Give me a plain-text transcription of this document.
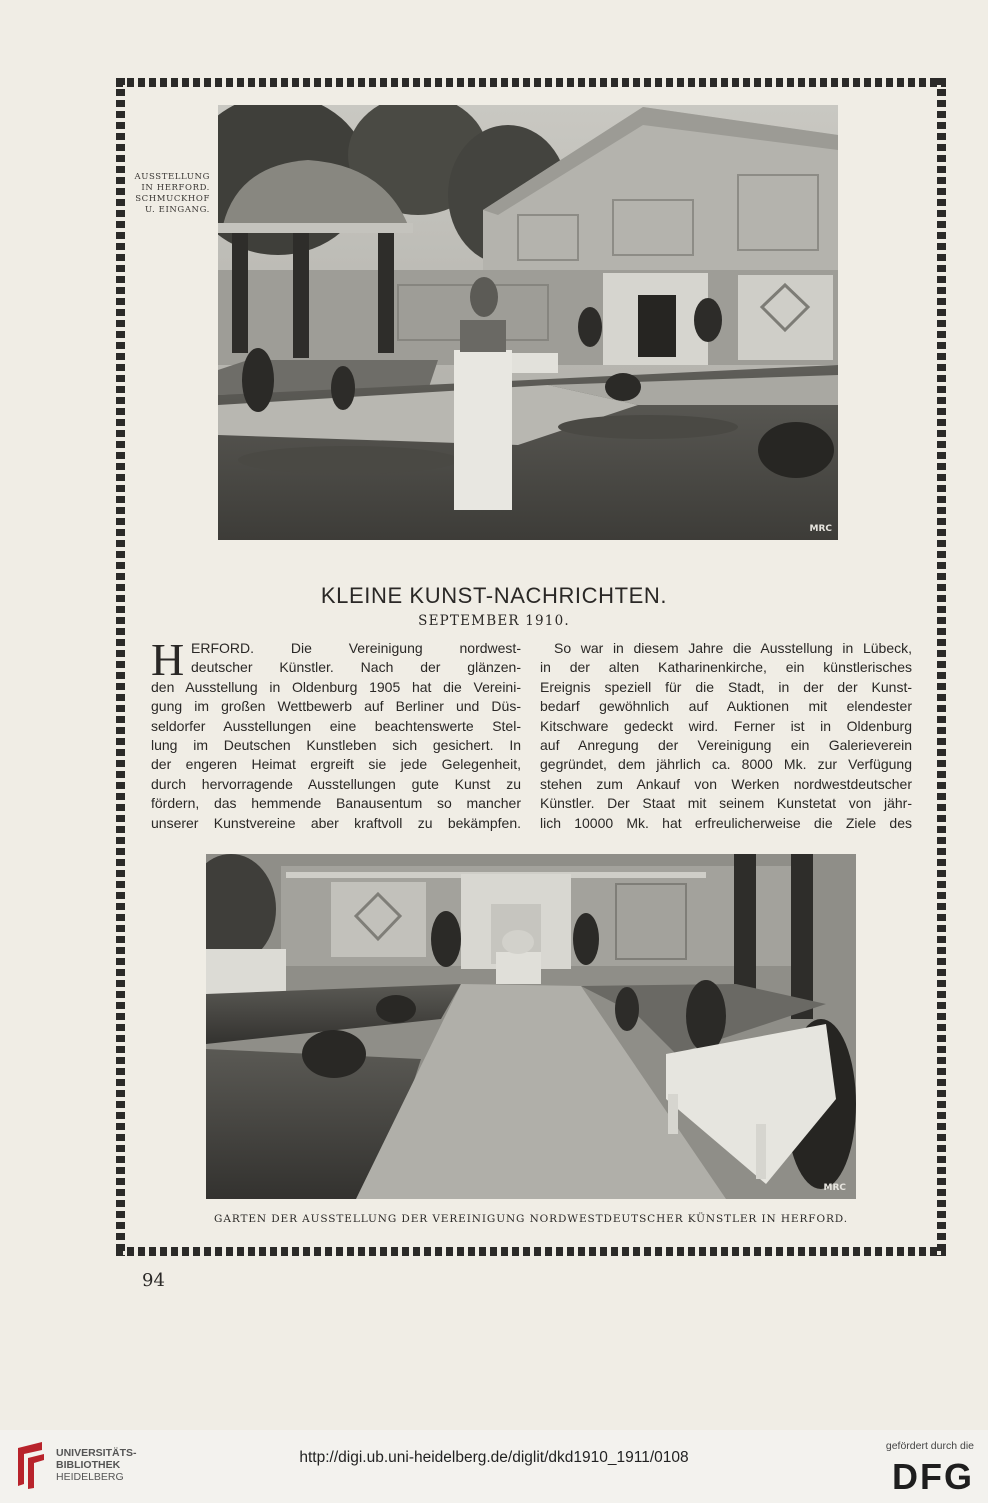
AUSSTELLUNG
IN HERFORD.
SCHMUCKHOF
U. EINGANG.
MRC
KLEINE KUNST-NACHRICHTEN.
SEPTEMBER 1910.
H ERFORD. Die Vereinigung nordwest-
deutscher Künstler. Nach der glänzen-
den Ausstellung in Oldenburg 1905 hat die Vereini-
gung im großen Wettbewerb auf Berliner und Düs-
seldorfer Ausstellungen eine beachtenswerte Stel-
lung im Deutschen Kunstleben sich gesichert. In
der engeren Heimat ergreift sie jede Gelegenheit,
durch hervorragende Ausstellungen gute Kunst zu
fördern, das hemmende Banausentum so mancher
unserer Kunstvereine aber kraftvoll zu bekämpfen.
So war in diesem Jahre die Ausstellung in Lübeck,
in der alten Katharinenkirche, ein künstlerisches
Ereignis speziell für die Stadt, in der der Kunst-
bedarf gewöhnlich auf Auktionen mit elendester
Kitschware gedeckt wird. Ferner ist in Oldenburg
auf Anregung der Vereinigung ein Galerieverein
gegründet, dem jährlich ca. 8000 Mk. zur Verfügung
stehen zum Ankauf von Werken nordwestdeutscher
Künstler. Der Staat mit seinem Kunstetat von jähr-
lich 10000 Mk. hat erfreulicherweise die Ziele des
MRC
GARTEN DER AUSSTELLUNG DER VEREINIGUNG NORDWESTDEUTSCHER KÜNSTLER IN HERFORD.
94
UNIVERSITÄTS-
BIBLIOTHEK
HEIDELBERG
http://digi.ub.uni-heidelberg.de/diglit/dkd1910_1911/0108
gefördert durch die
DFG
